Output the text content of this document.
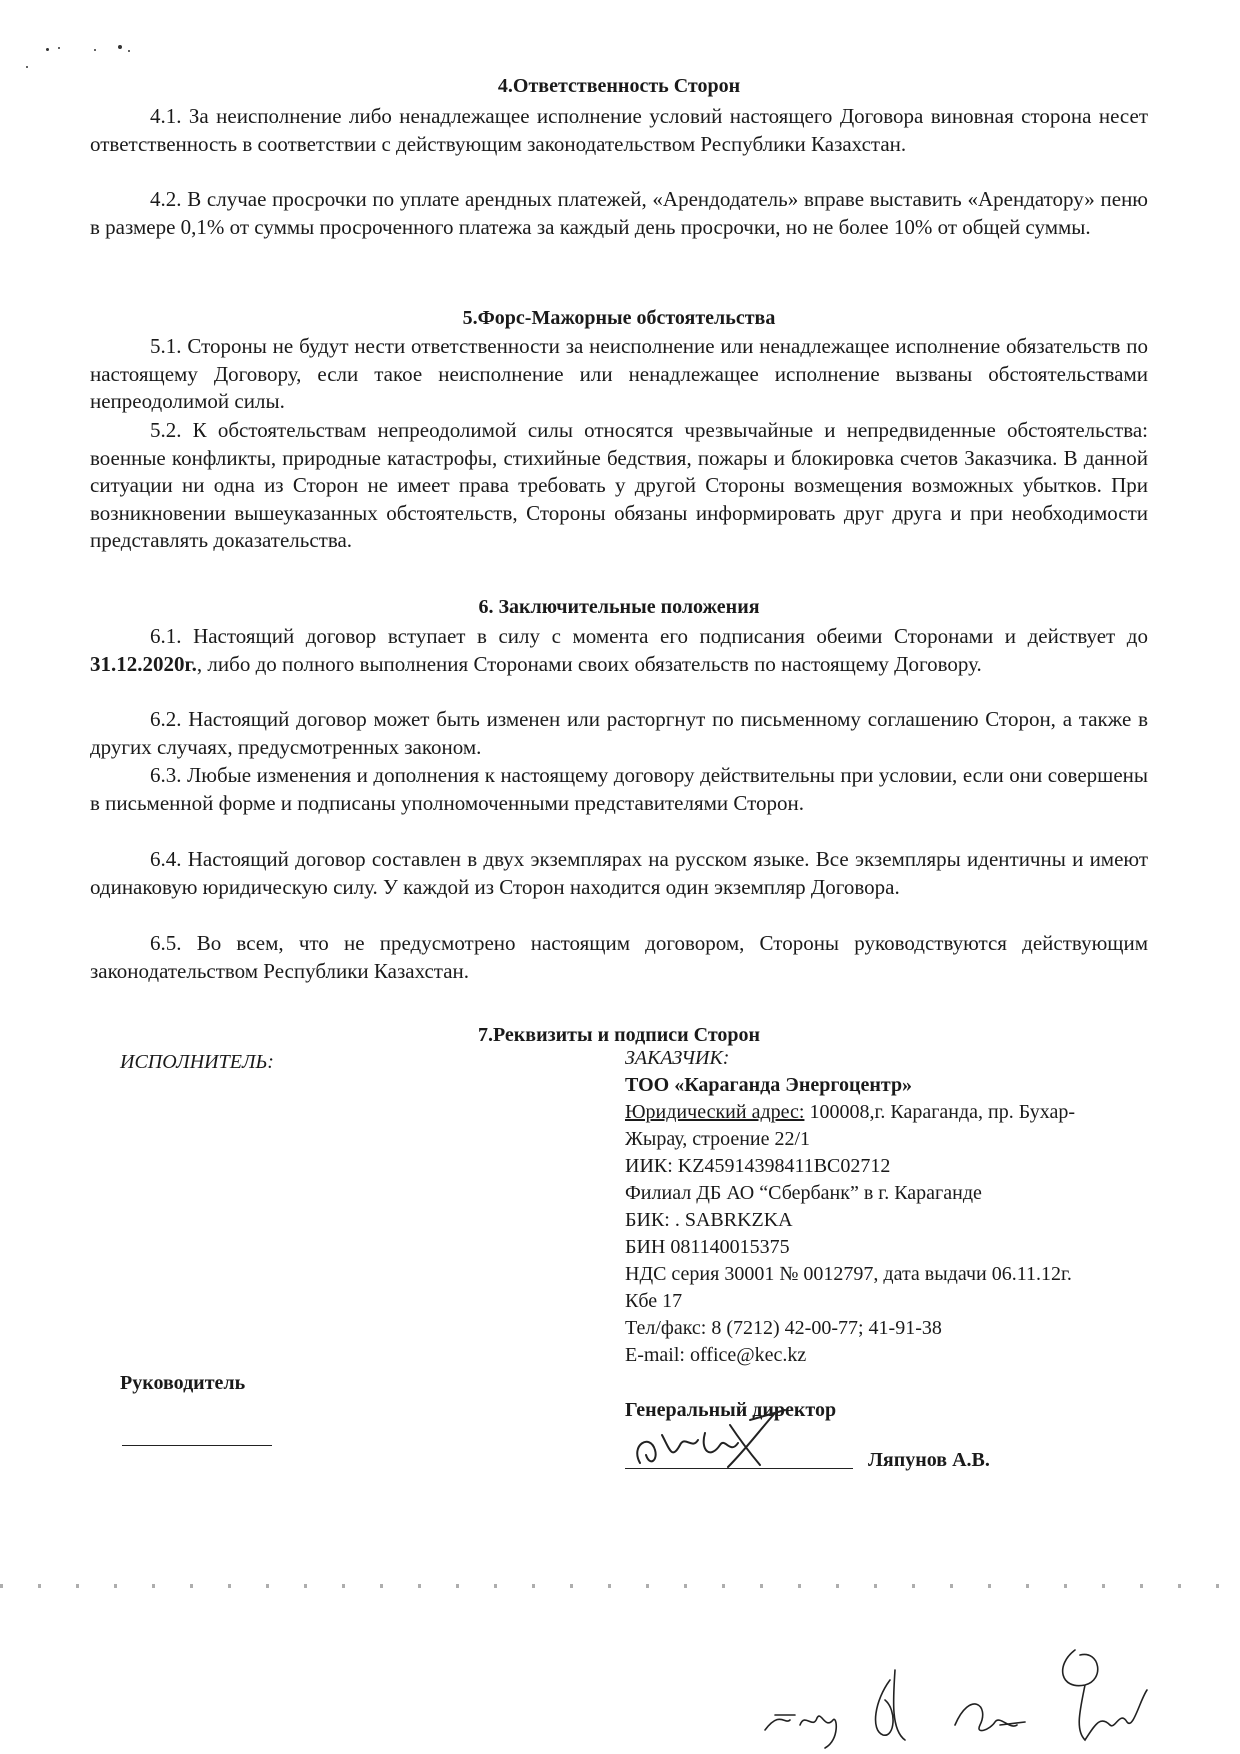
4.Ответственность Сторон

4.1. За неисполнение либо ненадлежащее исполнение условий настоящего Договора виновная сторона несет ответственность в соответствии с действующим законодательством Республики Казахстан.

4.2. В случае просрочки по уплате арендных платежей, «Арендодатель» вправе выставить «Арендатору» пеню в размере 0,1% от суммы просроченного платежа за каждый день просрочки, но не более 10% от общей суммы.

5.Форс-Мажорные обстоятельства

5.1. Стороны не будут нести ответственности за неисполнение или ненадлежащее исполнение обязательств по настоящему Договору, если такое неисполнение или ненадлежащее исполнение вызваны обстоятельствами непреодолимой силы.

5.2. К обстоятельствам непреодолимой силы относятся чрезвычайные и непредвиденные обстоятельства: военные конфликты, природные катастрофы, стихийные бедствия, пожары и блокировка счетов Заказчика. В данной ситуации ни одна из Сторон не имеет права требовать у другой Стороны возмещения возможных убытков. При возникновении вышеуказанных обстоятельств, Стороны обязаны информировать друг друга и при необходимости представлять доказательства.

6. Заключительные положения

6.1. Настоящий договор вступает в силу с момента его подписания обеими Сторонами и действует до 31.12.2020г., либо до полного выполнения Сторонами своих обязательств по настоящему Договору.

6.2. Настоящий договор может быть изменен или расторгнут по письменному соглашению Сторон, а также в других случаях, предусмотренных законом.

6.3. Любые изменения и дополнения к настоящему договору действительны при условии, если они совершены в письменной форме и подписаны уполномоченными представителями Сторон.

6.4. Настоящий договор составлен в двух экземплярах на русском языке. Все экземпляры идентичны и имеют одинаковую юридическую силу. У каждой из Сторон находится один экземпляр Договора.

6.5. Во всем, что не предусмотрено настоящим договором, Стороны руководствуются действующим законодательством Республики Казахстан.

7.Реквизиты и подписи Сторон
ИСПОЛНИТЕЛЬ:
Руководитель
ЗАКАЗЧИК:
ТОО «Караганда Энергоцентр»
Юридический адрес: 100008,г. Караганда, пр. Бухар-
Жырау, строение 22/1
ИИК: KZ45914398411BC02712
Филиал ДБ АО “Сбербанк” в г. Караганде
БИК: . SABRKZKA
БИН 081140015375
НДС серия 30001 № 0012797, дата выдачи 06.11.12г.
Кбе 17
Тел/факс: 8 (7212) 42-00-77; 41-91-38
E-mail: office@kec.kz
Генеральный директор
Ляпунов А.В.
